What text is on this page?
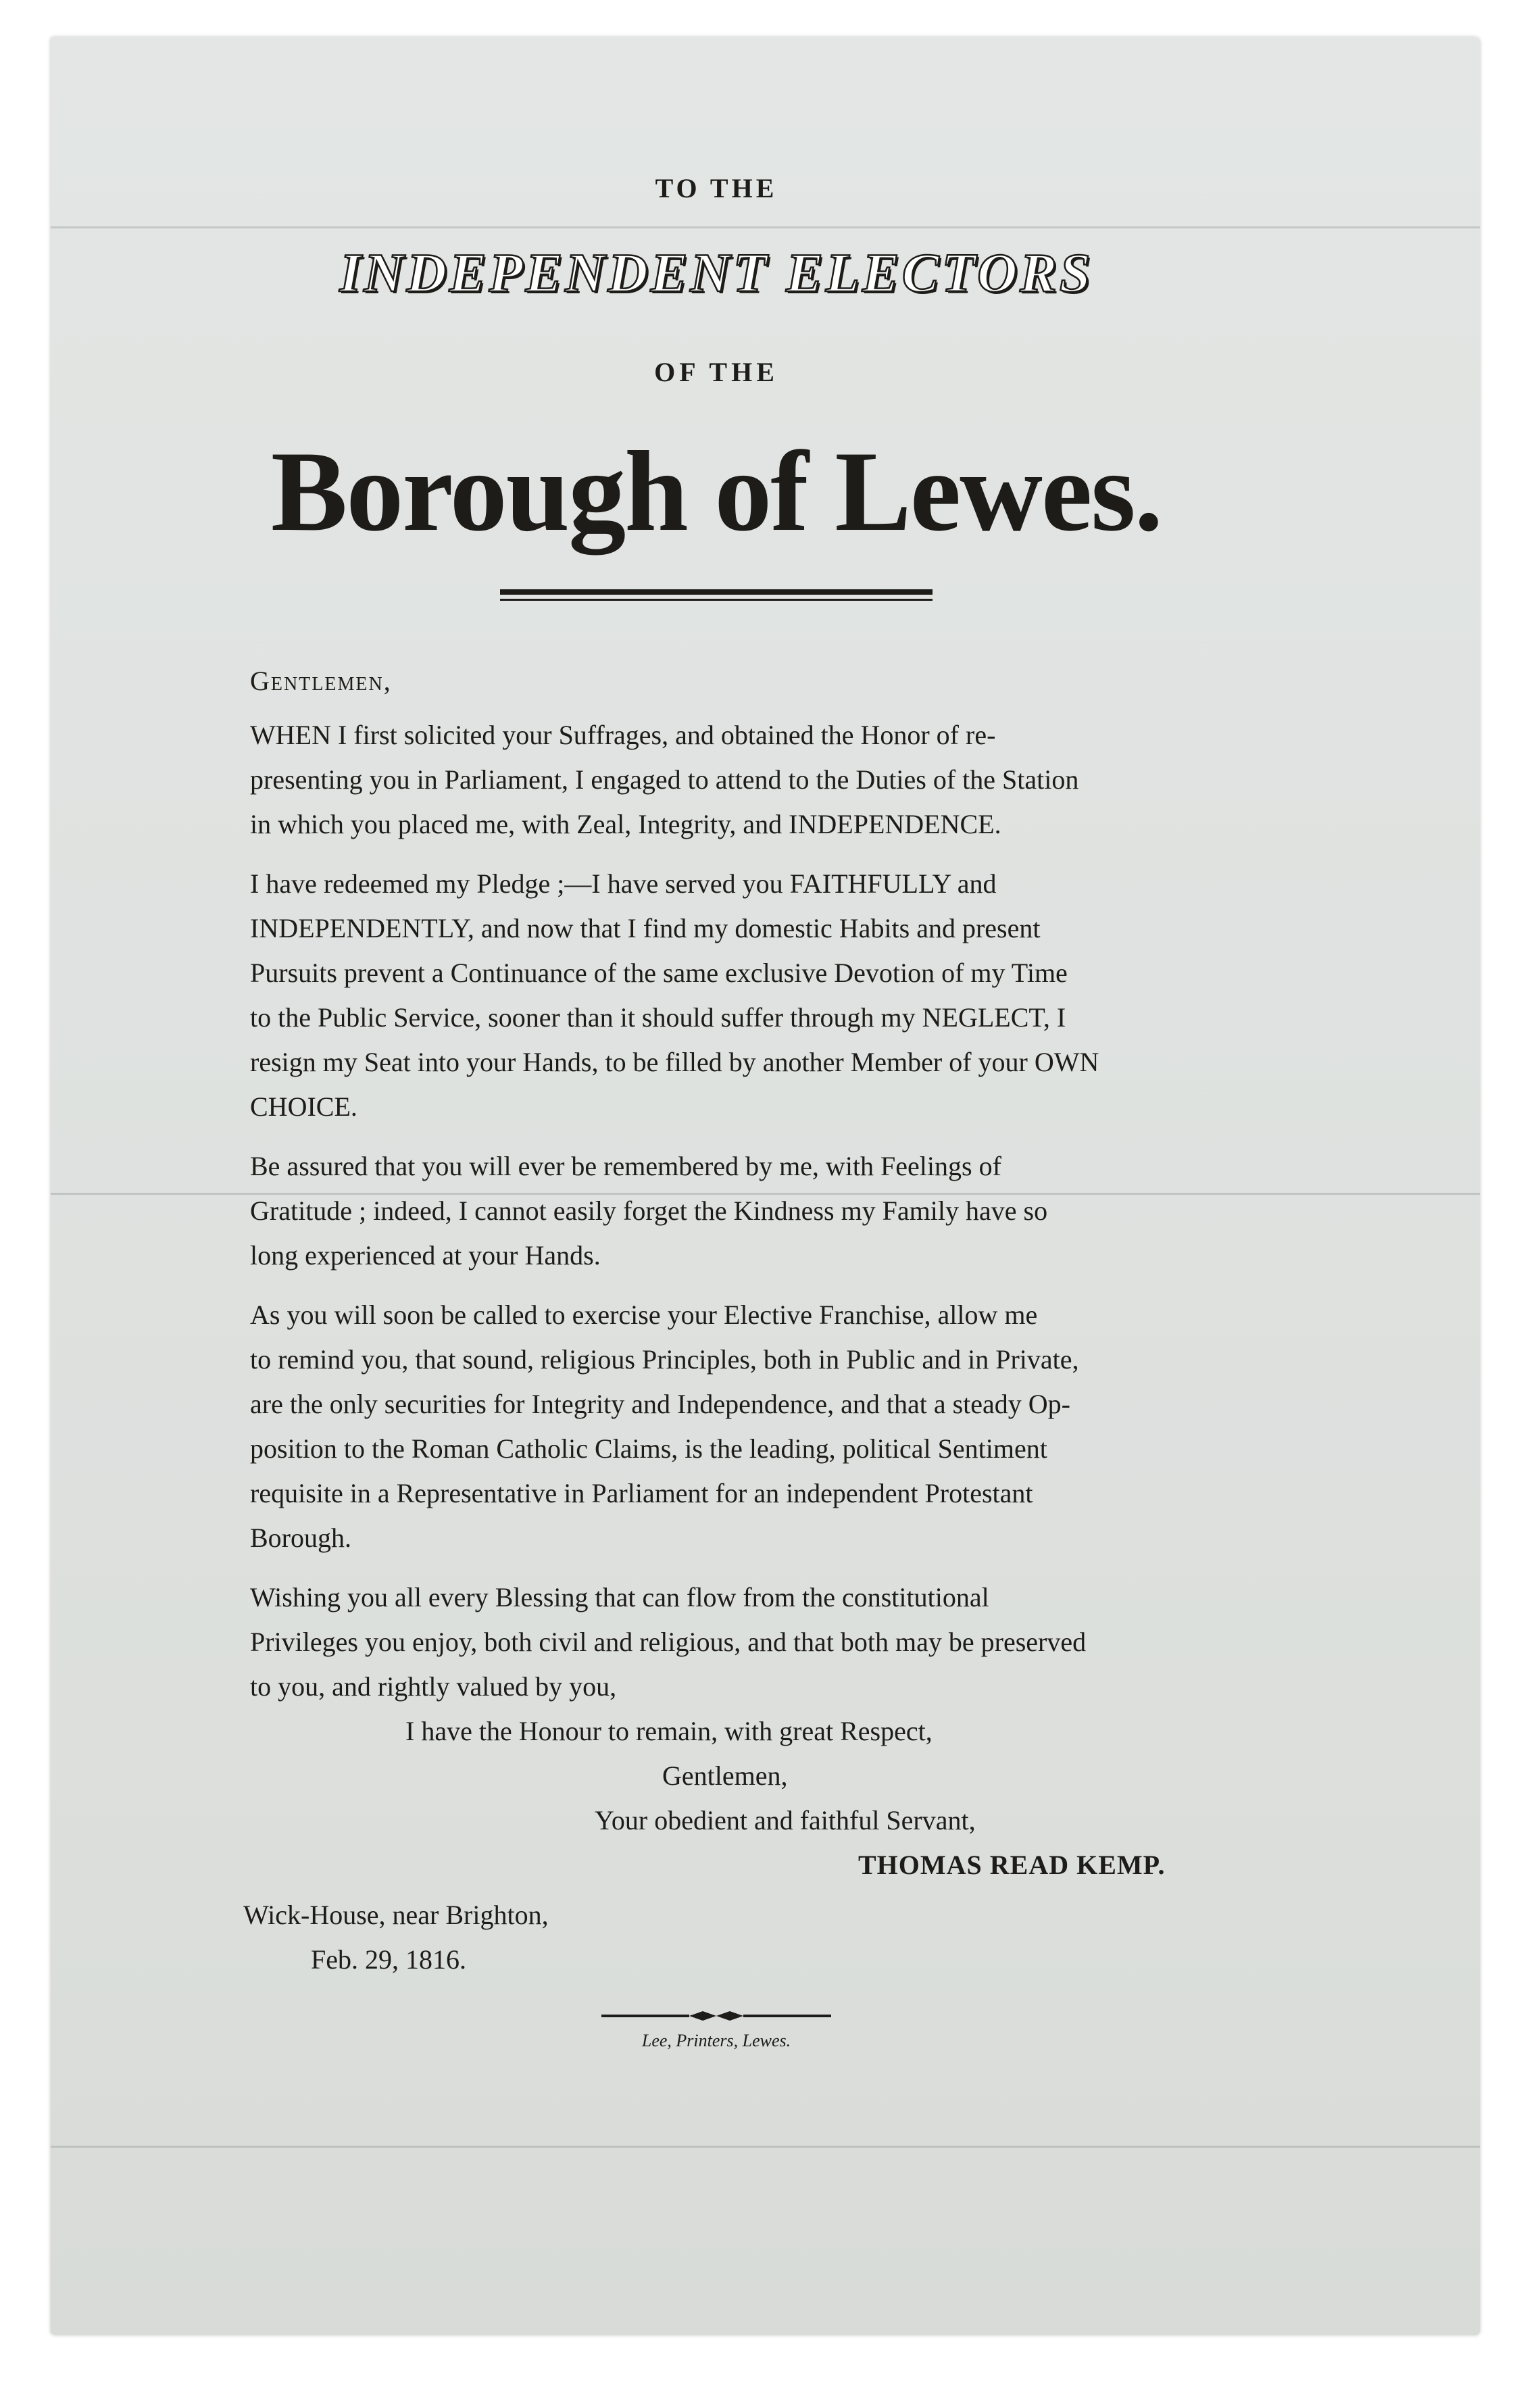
TO THE
INDEPENDENT ELECTORS
OF THE
Borough of Lewes.
Gentlemen,

WHEN I first solicited your Suffrages, and obtained the Honor of re-
presenting you in Parliament, I engaged to attend to the Duties of the Station
in which you placed me, with Zeal, Integrity, and INDEPENDENCE.

I have redeemed my Pledge ;—I have served you FAITHFULLY and
INDEPENDENTLY, and now that I find my domestic Habits and present
Pursuits prevent a Continuance of the same exclusive Devotion of my Time
to the Public Service, sooner than it should suffer through my NEGLECT, I
resign my Seat into your Hands, to be filled by another Member of your OWN
CHOICE.

Be assured that you will ever be remembered by me, with Feelings of
Gratitude ; indeed, I cannot easily forget the Kindness my Family have so
long experienced at your Hands.

As you will soon be called to exercise your Elective Franchise, allow me
to remind you, that sound, religious Principles, both in Public and in Private,
are the only securities for Integrity and Independence, and that a steady Op-
position to the Roman Catholic Claims, is the leading, political Sentiment
requisite in a Representative in Parliament for an independent Protestant
Borough.

Wishing you all every Blessing that can flow from the constitutional
Privileges you enjoy, both civil and religious, and that both may be preserved
to you, and rightly valued by you,

I have the Honour to remain, with great Respect,
Gentlemen,
Your obedient and faithful Servant,
THOMAS READ KEMP.
Wick-House, near Brighton,
Feb. 29, 1816.
Lee, Printers, Lewes.
